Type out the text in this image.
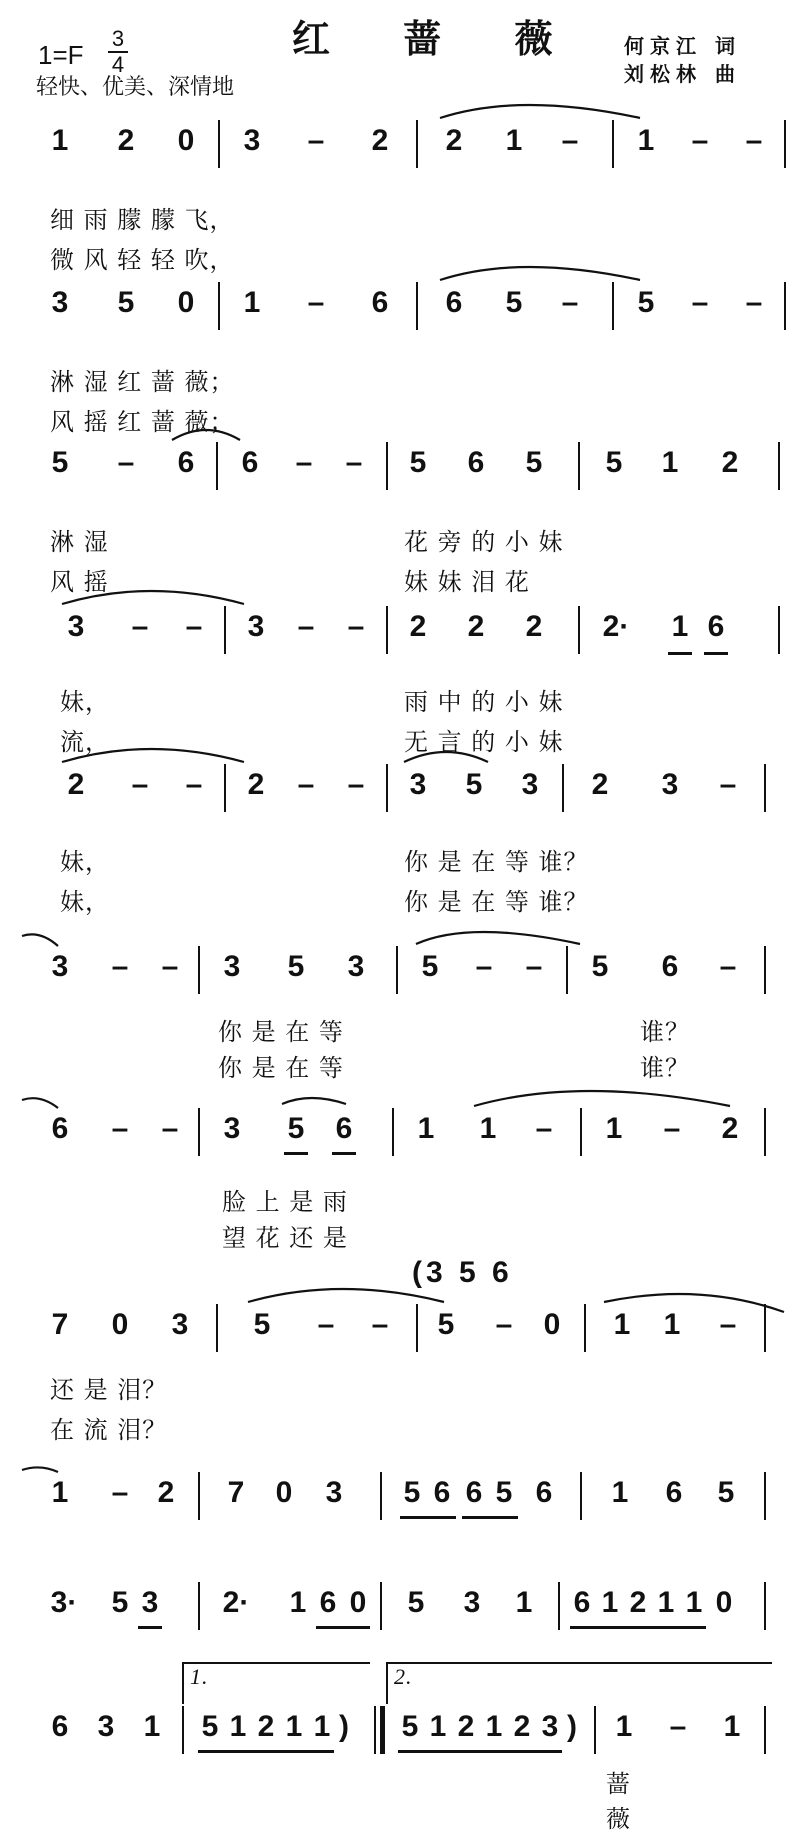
红 蔷 薇
1=F
3
4
轻快、优美、深情地
何京江 词
刘松林 曲
1 2 0 3 – 2 2 1 – 1 – –
细 雨 朦 朦 飞，
微 风 轻 轻 吹，
3 5 0 1 – 6 6 5 – 5 – –
淋 湿 红 蔷 薇；
风 摇 红 蔷 薇；
5 – 6 6 – – 5 6 5 5 1 2
淋 湿
风 摇
花 旁 的 小 妹
妹 妹 泪 花
3 – – 3 – – 2 2 2 2· 1 6
妹，
流，
雨 中 的 小 妹
无 言 的 小 妹
2 – – 2 – – 3 5 3 2 3 –
妹，
妹，
你 是 在 等 谁？
你 是 在 等 谁？
3 – – 3 5 3 5 – – 5 6 –
你 是 在 等
你 是 在 等
谁？
谁？
6 – – 3 5 6 1 1 – 1 – 2
脸 上 是 雨
望 花 还 是
(3 5 6
7 0 3 5 – – 5 – 0 1 1 –
还 是 泪？
在 流 泪？
1 – 2 7 0 3 5 6 6 5 6 1 6 5
3· 5 3 2· 1 6 0 5 3 1 6 1 2 1 1 0
1.	2.
6 3 1 5 1 2 1 1 )	5 1 2 1 2 3 )	1 – 1
蔷 薇
